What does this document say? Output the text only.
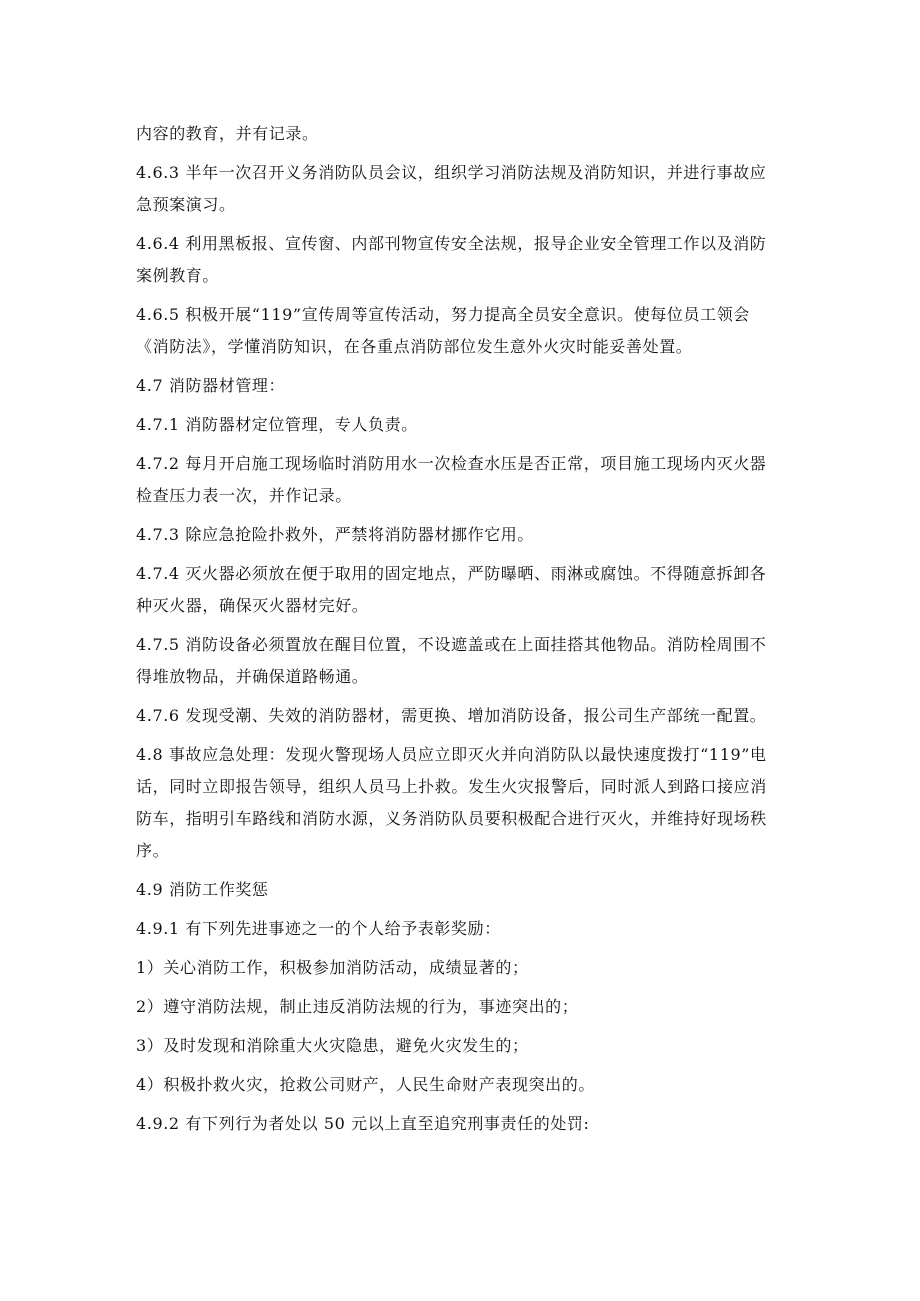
内容的教育，并有记录。

4.6.3 半年一次召开义务消防队员会议，组织学习消防法规及消防知识，并进行事故应
急预案演习。

4.6.4 利用黑板报、宣传窗、内部刊物宣传安全法规，报导企业安全管理工作以及消防
案例教育。

4.6.5 积极开展“119”宣传周等宣传活动，努力提高全员安全意识。使每位员工领会
《消防法》，学懂消防知识，在各重点消防部位发生意外火灾时能妥善处置。

4.7 消防器材管理：

4.7.1 消防器材定位管理，专人负责。

4.7.2 每月开启施工现场临时消防用水一次检查水压是否正常，项目施工现场内灭火器
检查压力表一次，并作记录。

4.7.3 除应急抢险扑救外，严禁将消防器材挪作它用。

4.7.4 灭火器必须放在便于取用的固定地点，严防曝晒、雨淋或腐蚀。不得随意拆卸各
种灭火器，确保灭火器材完好。

4.7.5 消防设备必须置放在醒目位置，不设遮盖或在上面挂搭其他物品。消防栓周围不
得堆放物品，并确保道路畅通。

4.7.6 发现受潮、失效的消防器材，需更换、增加消防设备，报公司生产部统一配置。

4.8 事故应急处理：发现火警现场人员应立即灭火并向消防队以最快速度拨打“119”电
话，同时立即报告领导，组织人员马上扑救。发生火灾报警后，同时派人到路口接应消
防车，指明引车路线和消防水源，义务消防队员要积极配合进行灭火，并维持好现场秩
序。

4.9 消防工作奖惩

4.9.1 有下列先进事迹之一的个人给予表彰奖励：

1）关心消防工作，积极参加消防活动，成绩显著的；

2）遵守消防法规，制止违反消防法规的行为，事迹突出的；

3）及时发现和消除重大火灾隐患，避免火灾发生的；

4）积极扑救火灾，抢救公司财产，人民生命财产表现突出的。

4.9.2 有下列行为者处以 50 元以上直至追究刑事责任的处罚:
